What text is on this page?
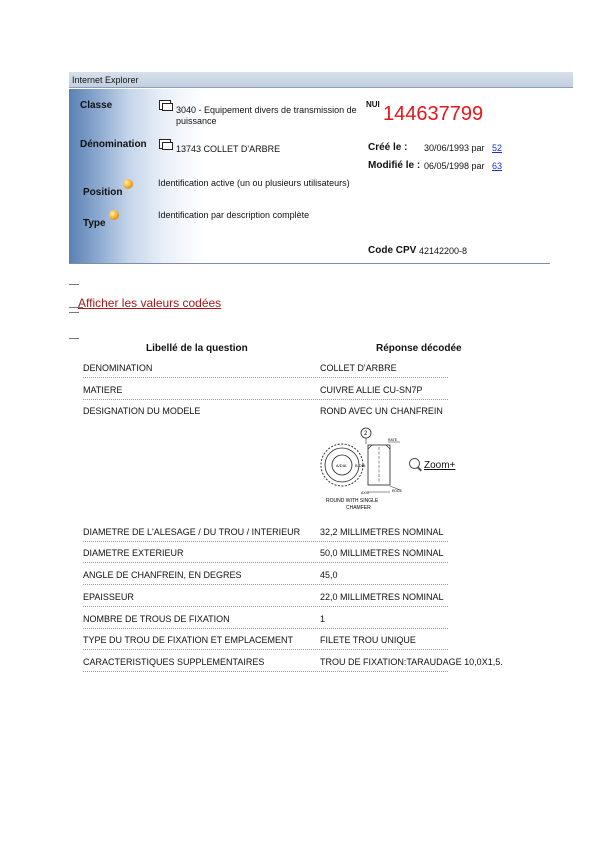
Internet Explorer
Classe	3040 - Equipement divers de transmission de puissance
Dénomination	13743 COLLET D'ARBRE
Position
Identification active (un ou plusieurs utilisateurs)
Type
Identification par description complète
NUI 144637799
Créé le : 30/06/1993 par 52
Modifié le : 06/05/1998 par 63
Code CPV 42142200-8
Afficher les valeurs codées
Libellé de la question	Réponse décodée
DENOMINATION	COLLET D'ARBRE
MATIERE	CUIVRE ALLIE CU-SN7P
DESIGNATION DU MODELE	ROND AVEC UN CHANFREIN
2
A/DIA B DIA
RATE
EDGE
AXIS
ROUND WITH SINGLE
CHAMFER
Zoom+
DIAMETRE DE L'ALESAGE / DU TROU / INTERIEUR 32,2 MILLIMETRES NOMINAL
DIAMETRE EXTERIEUR	50,0 MILLIMETRES NOMINAL
ANGLE DE CHANFREIN, EN DEGRES	45,0
EPAISSEUR	22,0 MILLIMETRES NOMINAL
NOMBRE DE TROUS DE FIXATION	1
TYPE DU TROU DE FIXATION ET EMPLACEMENT	FILETE TROU UNIQUE
CARACTERISTIQUES SUPPLEMENTAIRES	TROU DE FIXATION:TARAUDAGE 10,0X1,5.
